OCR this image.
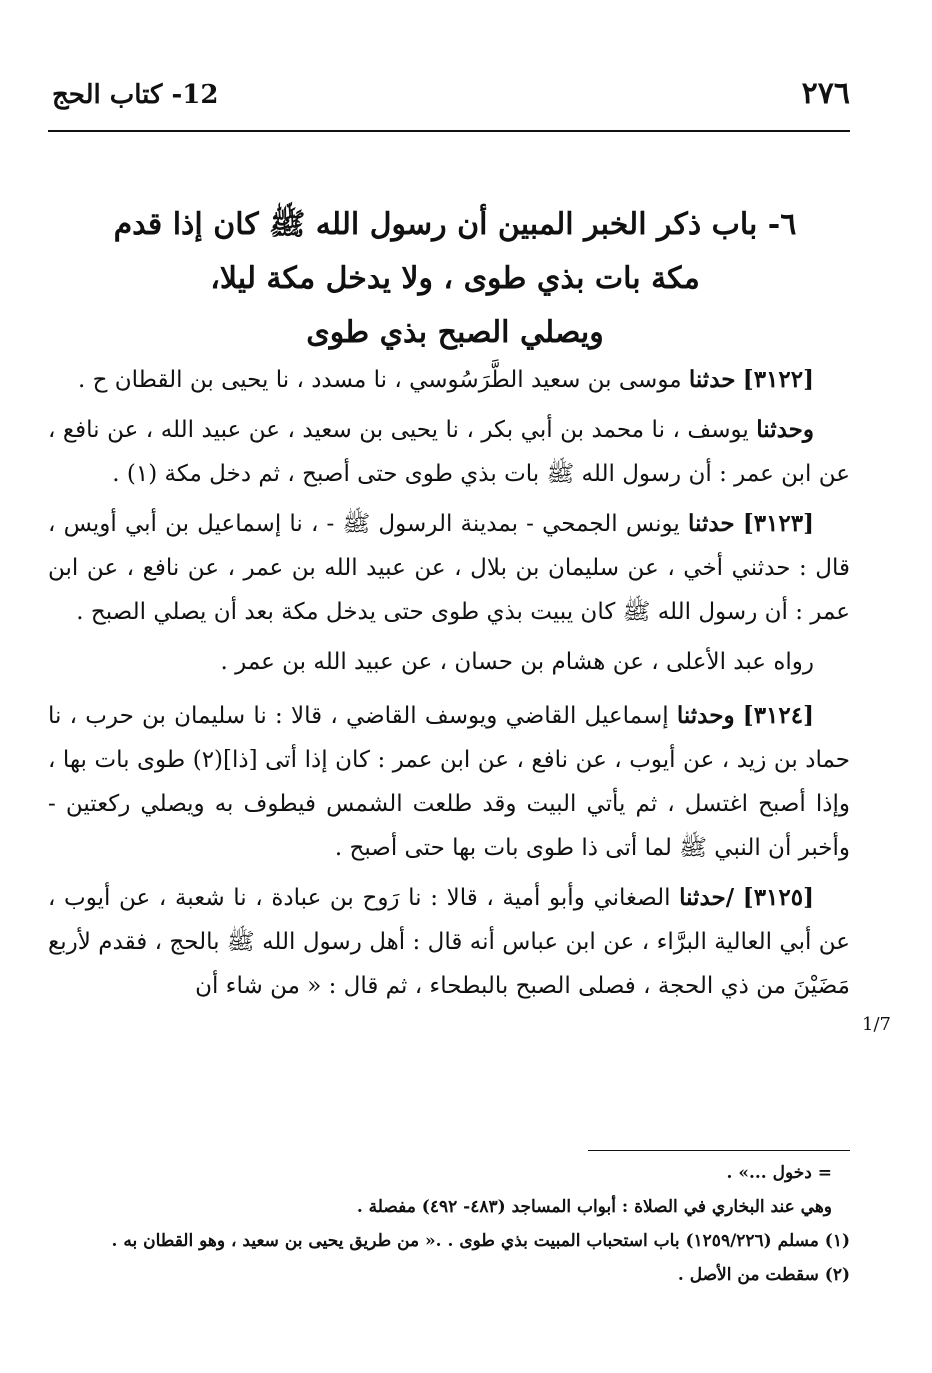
٢٧٦
12- كتاب الحج
٦- باب ذكر الخبر المبين أن رسول الله ﷺ كان إذا قدم
مكة بات بذي طوى ، ولا يدخل مكة ليلا،
ويصلي الصبح بذي طوى

[٣١٢٢] حدثنا موسى بن سعيد الطَّرَسُوسي ، نا مسدد ، نا يحيى بن القطان ح .

وحدثنا يوسف ، نا محمد بن أبي بكر ، نا يحيى بن سعيد ، عن عبيد الله ، عن نافع ، عن ابن عمر : أن رسول الله ﷺ بات بذي طوى حتى أصبح ، ثم دخل مكة (١) .

[٣١٢٣] حدثنا يونس الجمحي - بمدينة الرسول ﷺ - ، نا إسماعيل بن أبي أويس ، قال : حدثني أخي ، عن سليمان بن بلال ، عن عبيد الله بن عمر ، عن نافع ، عن ابن عمر : أن رسول الله ﷺ كان يبيت بذي طوى حتى يدخل مكة بعد أن يصلي الصبح .

رواه عبد الأعلى ، عن هشام بن حسان ، عن عبيد الله بن عمر .

[٣١٢٤] وحدثنا إسماعيل القاضي ويوسف القاضي ، قالا : نا سليمان بن حرب ، نا حماد بن زيد ، عن أيوب ، عن نافع ، عن ابن عمر : كان إذا أتى [ذا](٢) طوى بات بها ، وإذا أصبح اغتسل ، ثم يأتي البيت وقد طلعت الشمس فيطوف به ويصلي ركعتين - وأخبر أن النبي ﷺ لما أتى ذا طوى بات بها حتى أصبح .

[٣١٢٥] /حدثنا الصغاني وأبو أمية ، قالا : نا رَوح بن عبادة ، نا شعبة ، عن أيوب ، عن أبي العالية البرَّاء ، عن ابن عباس أنه قال : أهل رسول الله ﷺ بالحج ، فقدم لأربع مَضَيْنَ من ذي الحجة ، فصلى الصبح بالبطحاء ، ثم قال : « من شاء أن

1/7
= دخول ...» .
وهي عند البخاري في الصلاة : أبواب المساجد (٤٨٣- ٤٩٢) مفصلة .
(١) مسلم (١٢٥٩/٢٢٦) باب استحباب المبيت بذي طوى . .« من طريق يحيى بن سعيد ، وهو القطان به .
(٢) سقطت من الأصل .
